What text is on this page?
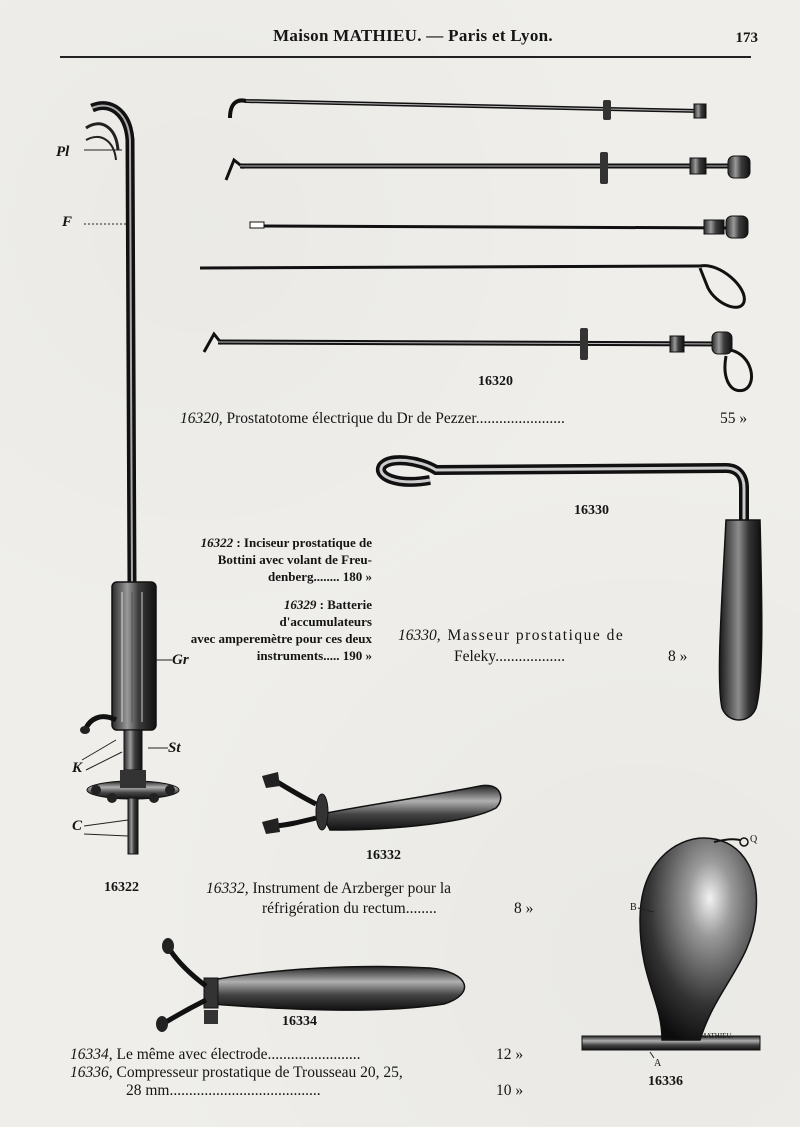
Maison MATHIEU. — Paris et Lyon.	173
Pl
F
Gr
St
K
C
Q
B
A
MATHIEU.
16320
16330
16322
16332
16334
16336
16320, Prostatotome électrique du Dr de Pezzer.......................	55 »
16322 : Inciseur prostatique de
Bottini avec volant de Freu-
denberg........ 180 »
16329 : Batterie d'accumulateurs
avec amperemètre pour ces deux
instruments..... 190 »
16330, Masseur prostatique de
Feleky..................	8 »
16332, Instrument de Arzberger pour la
réfrigération du rectum........	8 »
16334, Le même avec électrode........................	12 »
16336, Compresseur prostatique de Trousseau 20, 25,
28 mm.......................................	10 »
